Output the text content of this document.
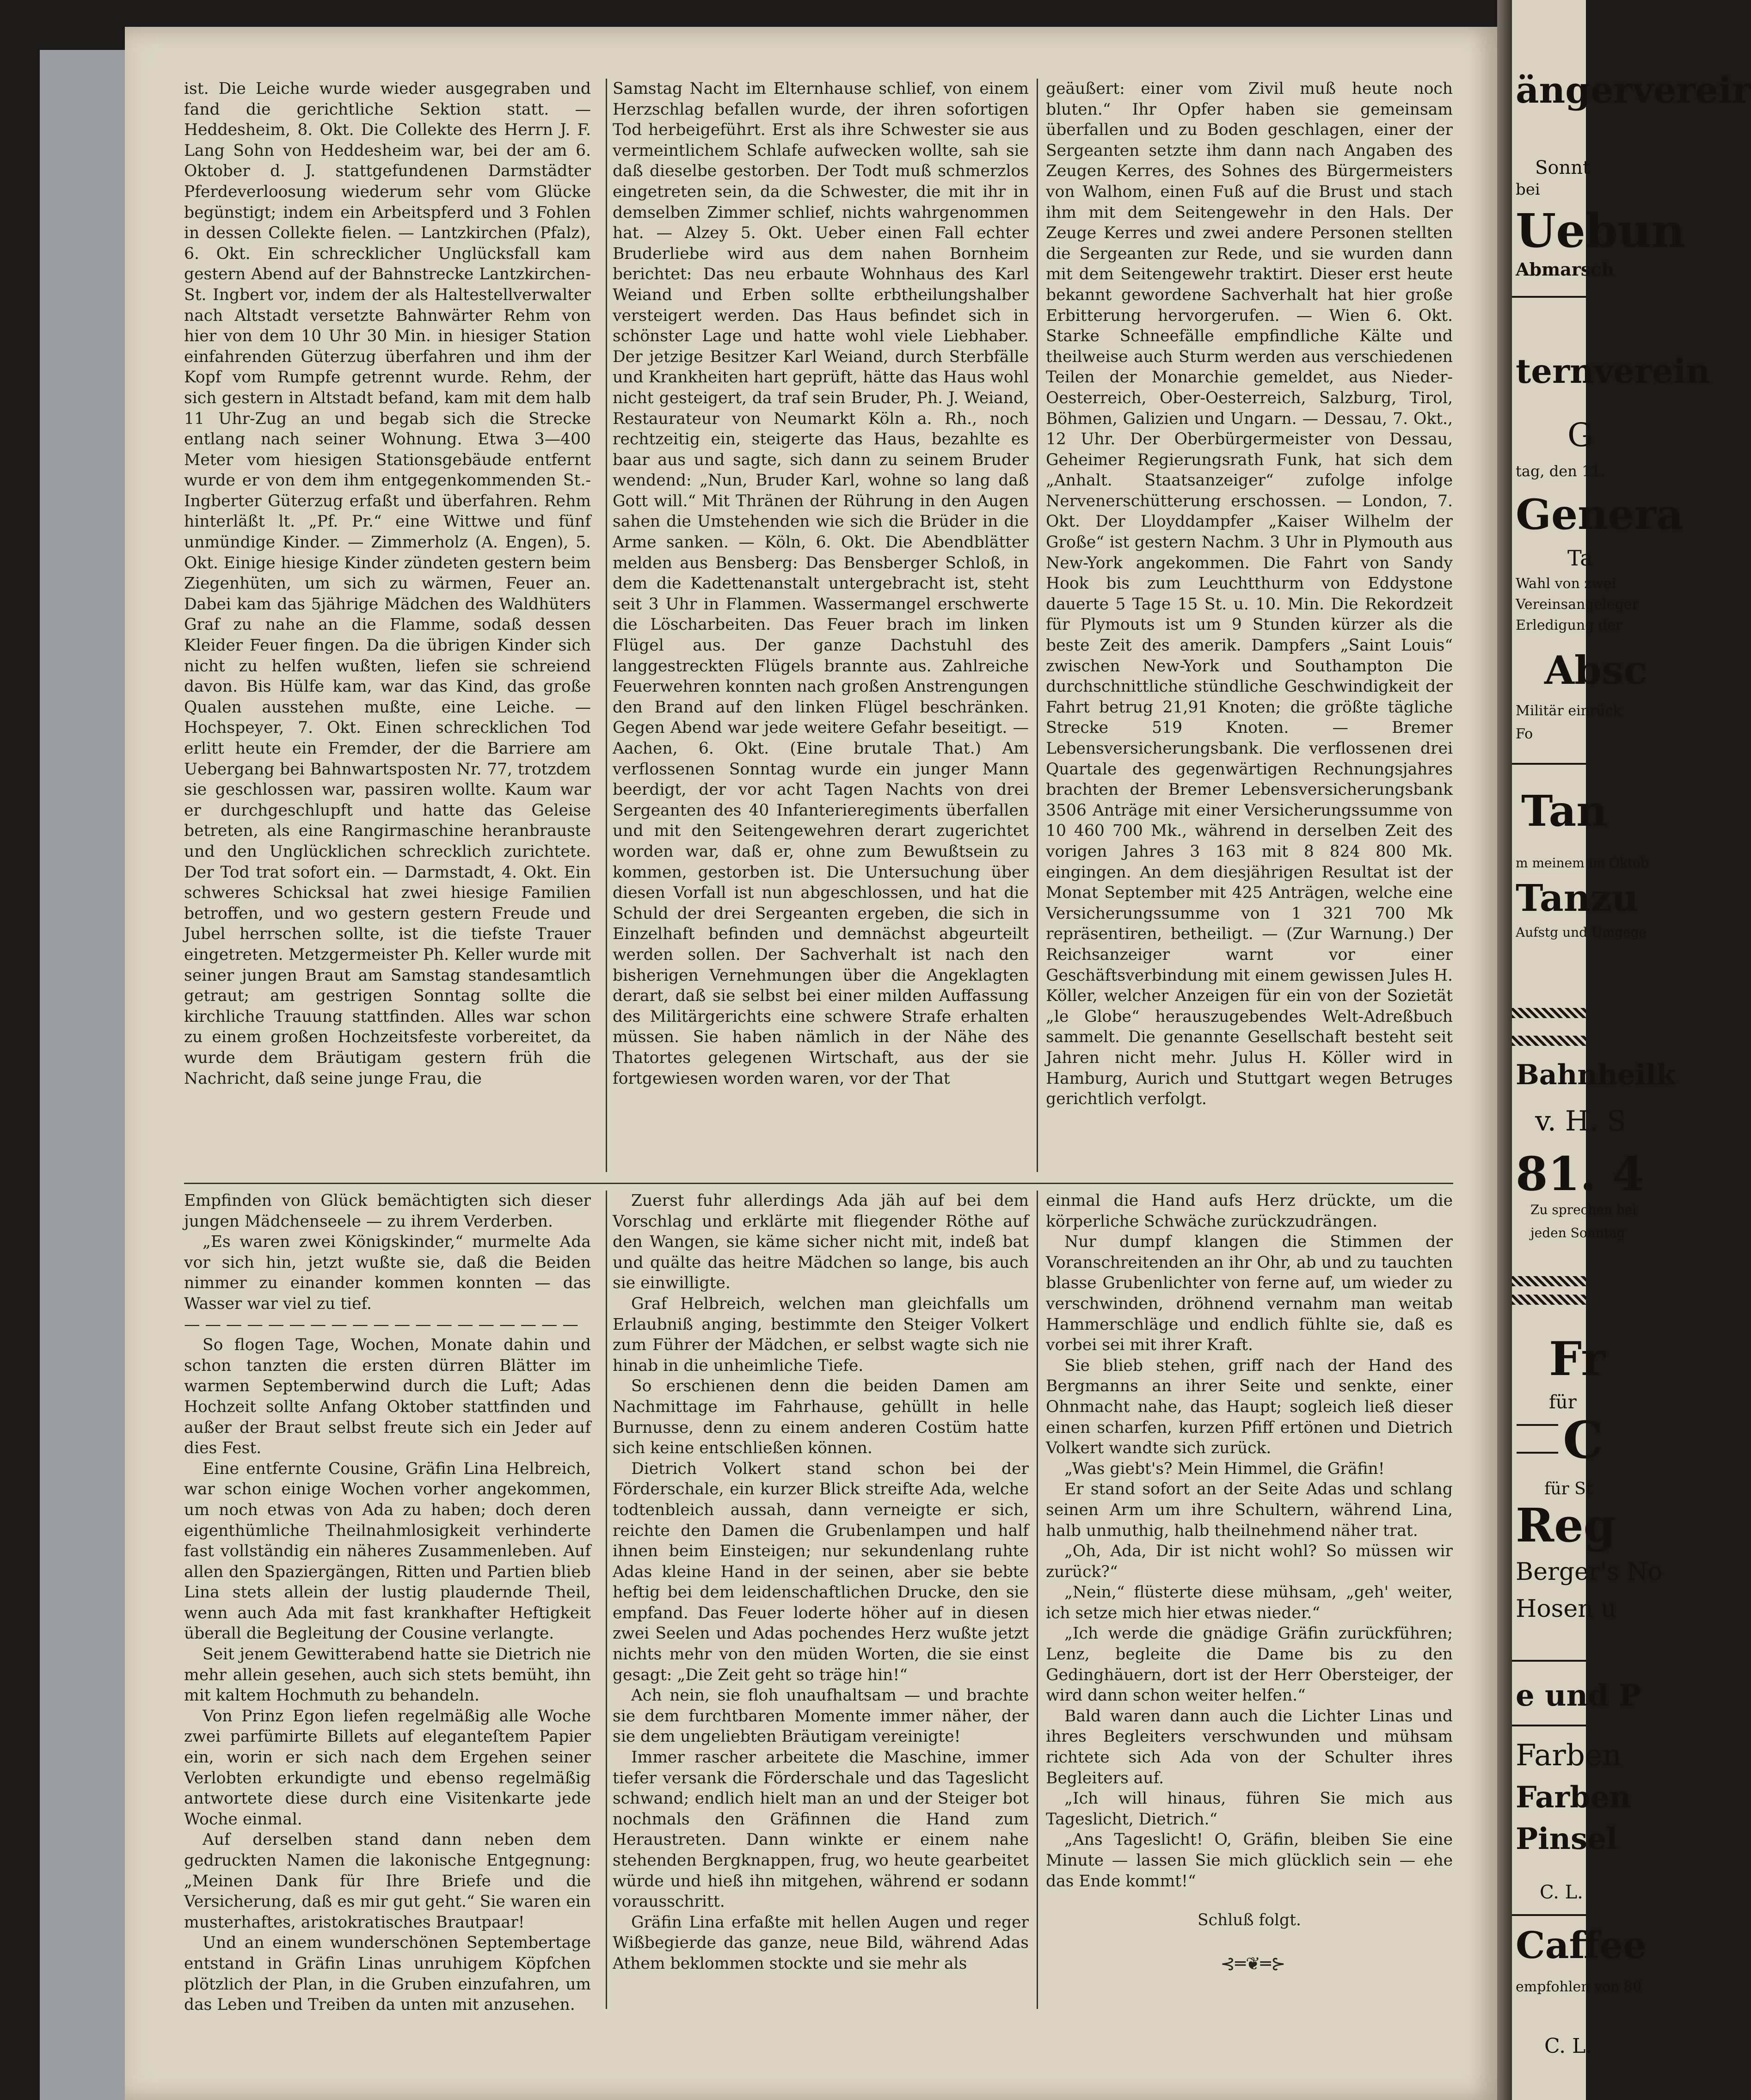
ist. Die Leiche wurde wieder ausgegraben und fand die gerichtliche Sektion statt. — Heddesheim, 8. Okt. Die Collekte des Herrn J. F. Lang Sohn von Heddesheim war, bei der am 6. Oktober d. J. stattgefundenen Darmstädter Pferdeverloosung wiederum sehr vom Glücke begünstigt; indem ein Arbeitspferd und 3 Fohlen in dessen Collekte fielen. — Lantzkirchen (Pfalz), 6. Okt. Ein schrecklicher Unglücksfall kam gestern Abend auf der Bahnstrecke Lantzkirchen-St. Ingbert vor, indem der als Haltestellverwalter nach Altstadt versetzte Bahnwärter Rehm von hier von dem 10 Uhr 30 Min. in hiesiger Station einfahrenden Güterzug überfahren und ihm der Kopf vom Rumpfe getrennt wurde. Rehm, der sich gestern in Altstadt befand, kam mit dem halb 11 Uhr-Zug an und begab sich die Strecke entlang nach seiner Wohnung. Etwa 3—400 Meter vom hiesigen Stationsgebäude entfernt wurde er von dem ihm entgegenkommenden St.-Ingberter Güterzug erfaßt und überfahren. Rehm hinterläßt lt. „Pf. Pr.“ eine Wittwe und fünf unmündige Kinder. — Zimmerholz (A. Engen), 5. Okt. Einige hiesige Kinder zündeten gestern beim Ziegenhüten, um sich zu wärmen, Feuer an. Dabei kam das 5jährige Mädchen des Waldhüters Graf zu nahe an die Flamme, sodaß dessen Kleider Feuer fingen. Da die übrigen Kinder sich nicht zu helfen wußten, liefen sie schreiend davon. Bis Hülfe kam, war das Kind, das große Qualen ausstehen mußte, eine Leiche. — Hochspeyer, 7. Okt. Einen schrecklichen Tod erlitt heute ein Fremder, der die Barriere am Uebergang bei Bahnwartsposten Nr. 77, trotzdem sie geschlossen war, passiren wollte. Kaum war er durchgeschlupft und hatte das Geleise betreten, als eine Rangirmaschine heranbrauste und den Unglücklichen schrecklich zurichtete. Der Tod trat sofort ein. — Darmstadt, 4. Okt. Ein schweres Schicksal hat zwei hiesige Familien betroffen, und wo gestern gestern Freude und Jubel herrschen sollte, ist die tiefste Trauer eingetreten. Metzgermeister Ph. Keller wurde mit seiner jungen Braut am Samstag standesamtlich getraut; am gestrigen Sonntag sollte die kirchliche Trauung stattfinden. Alles war schon zu einem großen Hochzeitsfeste vorbereitet, da wurde dem Bräutigam gestern früh die Nachricht, daß seine junge Frau, die

Samstag Nacht im Elternhause schlief, von einem Herzschlag befallen wurde, der ihren sofortigen Tod herbeigeführt. Erst als ihre Schwester sie aus vermeintlichem Schlafe aufwecken wollte, sah sie daß dieselbe gestorben. Der Todt muß schmerzlos eingetreten sein, da die Schwester, die mit ihr in demselben Zimmer schlief, nichts wahrgenommen hat. — Alzey 5. Okt. Ueber einen Fall echter Bruderliebe wird aus dem nahen Bornheim berichtet: Das neu erbaute Wohnhaus des Karl Weiand und Erben sollte erbtheilungshalber versteigert werden. Das Haus befindet sich in schönster Lage und hatte wohl viele Liebhaber. Der jetzige Besitzer Karl Weiand, durch Sterbfälle und Krankheiten hart geprüft, hätte das Haus wohl nicht gesteigert, da traf sein Bruder, Ph. J. Weiand, Restaurateur von Neumarkt Köln a. Rh., noch rechtzeitig ein, steigerte das Haus, bezahlte es baar aus und sagte, sich dann zu seinem Bruder wendend: „Nun, Bruder Karl, wohne so lang daß Gott will.“ Mit Thränen der Rührung in den Augen sahen die Umstehenden wie sich die Brüder in die Arme sanken. — Köln, 6. Okt. Die Abendblätter melden aus Bensberg: Das Bensberger Schloß, in dem die Kadettenanstalt untergebracht ist, steht seit 3 Uhr in Flammen. Wassermangel erschwerte die Löscharbeiten. Das Feuer brach im linken Flügel aus. Der ganze Dachstuhl des langgestreckten Flügels brannte aus. Zahlreiche Feuerwehren konnten nach großen Anstrengungen den Brand auf den linken Flügel beschränken. Gegen Abend war jede weitere Gefahr beseitigt. — Aachen, 6. Okt. (Eine brutale That.) Am verflossenen Sonntag wurde ein junger Mann beerdigt, der vor acht Tagen Nachts von drei Sergeanten des 40 Infanterieregiments überfallen und mit den Seitengewehren derart zugerichtet worden war, daß er, ohne zum Bewußtsein zu kommen, gestorben ist. Die Untersuchung über diesen Vorfall ist nun abgeschlossen, und hat die Schuld der drei Sergeanten ergeben, die sich in Einzelhaft befinden und demnächst abgeurteilt werden sollen. Der Sachverhalt ist nach den bisherigen Vernehmungen über die Angeklagten derart, daß sie selbst bei einer milden Auffassung des Militärgerichts eine schwere Strafe erhalten müssen. Sie haben nämlich in der Nähe des Thatortes gelegenen Wirtschaft, aus der sie fortgewiesen worden waren, vor der That

geäußert: einer vom Zivil muß heute noch bluten.“ Ihr Opfer haben sie gemeinsam überfallen und zu Boden geschlagen, einer der Sergeanten setzte ihm dann nach Angaben des Zeugen Kerres, des Sohnes des Bürgermeisters von Walhom, einen Fuß auf die Brust und stach ihm mit dem Seitengewehr in den Hals. Der Zeuge Kerres und zwei andere Personen stellten die Sergeanten zur Rede, und sie wurden dann mit dem Seitengewehr traktirt. Dieser erst heute bekannt gewordene Sachverhalt hat hier große Erbitterung hervorgerufen. — Wien 6. Okt. Starke Schneefälle empfindliche Kälte und theilweise auch Sturm werden aus verschiedenen Teilen der Monarchie gemeldet, aus Nieder-Oesterreich, Ober-Oesterreich, Salzburg, Tirol, Böhmen, Galizien und Ungarn. — Dessau, 7. Okt., 12 Uhr. Der Oberbürgermeister von Dessau, Geheimer Regierungsrath Funk, hat sich dem „Anhalt. Staatsanzeiger“ zufolge infolge Nervenerschütterung erschossen. — London, 7. Okt. Der Lloyddampfer „Kaiser Wilhelm der Große“ ist gestern Nachm. 3 Uhr in Plymouth aus New-York angekommen. Die Fahrt von Sandy Hook bis zum Leuchtthurm von Eddystone dauerte 5 Tage 15 St. u. 10. Min. Die Rekordzeit für Plymouts ist um 9 Stunden kürzer als die beste Zeit des amerik. Dampfers „Saint Louis“ zwischen New-York und Southampton Die durchschnittliche stündliche Geschwindigkeit der Fahrt betrug 21,91 Knoten; die größte tägliche Strecke 519 Knoten. — Bremer Lebensversicherungsbank. Die verflossenen drei Quartale des gegenwärtigen Rechnungsjahres brachten der Bremer Lebensversicherungsbank 3506 Anträge mit einer Versicherungssumme von 10 460 700 Mk., während in derselben Zeit des vorigen Jahres 3 163 mit 8 824 800 Mk. eingingen. An dem diesjährigen Resultat ist der Monat September mit 425 Anträgen, welche eine Versicherungssumme von 1 321 700 Mk repräsentiren, betheiligt. — (Zur Warnung.) Der Reichsanzeiger warnt vor einer Geschäftsverbindung mit einem gewissen Jules H. Köller, welcher Anzeigen für ein von der Sozietät „le Globe“ herauszugebendes Welt-Adreßbuch sammelt. Die genannte Gesellschaft besteht seit Jahren nicht mehr. Julus H. Köller wird in Hamburg, Aurich und Stuttgart wegen Betruges gerichtlich verfolgt.

Empfinden von Glück bemächtigten sich dieser jungen Mädchenseele — zu ihrem Verderben.

„Es waren zwei Königskinder,“ murmelte Ada vor sich hin, jetzt wußte sie, daß die Beiden nimmer zu einander kommen konnten — das Wasser war viel zu tief.

— — — — — — — — — — — — — — — — — — —

So flogen Tage, Wochen, Monate dahin und schon tanzten die ersten dürren Blätter im warmen Septemberwind durch die Luft; Adas Hochzeit sollte Anfang Oktober stattfinden und außer der Braut selbst freute sich ein Jeder auf dies Fest.

Eine entfernte Cousine, Gräfin Lina Helbreich, war schon einige Wochen vorher angekommen, um noch etwas von Ada zu haben; doch deren eigenthümliche Theilnahmlosigkeit verhinderte fast vollständig ein näheres Zusammenleben. Auf allen den Spaziergängen, Ritten und Partien blieb Lina stets allein der lustig plaudernde Theil, wenn auch Ada mit fast krankhafter Heftigkeit überall die Begleitung der Cousine verlangte.

Seit jenem Gewitterabend hatte sie Dietrich nie mehr allein gesehen, auch sich stets bemüht, ihn mit kaltem Hochmuth zu behandeln.

Von Prinz Egon liefen regelmäßig alle Woche zwei parfümirte Billets auf eleganteſtem Papier ein, worin er sich nach dem Ergehen seiner Verlobten erkundigte und ebenso regelmäßig antwortete diese durch eine Visitenkarte jede Woche einmal.

Auf derselben stand dann neben dem gedruckten Namen die lakonische Entgegnung: „Meinen Dank für Ihre Briefe und die Versicherung, daß es mir gut geht.“ Sie waren ein musterhaftes, aristokratisches Brautpaar!

Und an einem wunderschönen Septembertage entstand in Gräfin Linas unruhigem Köpfchen plötzlich der Plan, in die Gruben einzufahren, um das Leben und Treiben da unten mit anzusehen.

Zuerst fuhr allerdings Ada jäh auf bei dem Vorschlag und erklärte mit fliegender Röthe auf den Wangen, sie käme sicher nicht mit, indeß bat und quälte das heitre Mädchen so lange, bis auch sie einwilligte.

Graf Helbreich, welchen man gleichfalls um Erlaubniß anging, bestimmte den Steiger Volkert zum Führer der Mädchen, er selbst wagte sich nie hinab in die unheimliche Tiefe.

So erschienen denn die beiden Damen am Nachmittage im Fahrhause, gehüllt in helle Burnusse, denn zu einem anderen Costüm hatte sich keine entschließen können.

Dietrich Volkert stand schon bei der Förderschale, ein kurzer Blick streifte Ada, welche todtenbleich aussah, dann verneigte er sich, reichte den Damen die Grubenlampen und half ihnen beim Einsteigen; nur sekundenlang ruhte Adas kleine Hand in der seinen, aber sie bebte heftig bei dem leidenschaftlichen Drucke, den sie empfand. Das Feuer loderte höher auf in diesen zwei Seelen und Adas pochendes Herz wußte jetzt nichts mehr von den müden Worten, die sie einst gesagt: „Die Zeit geht so träge hin!“

Ach nein, sie floh unaufhaltsam — und brachte sie dem furchtbaren Momente immer näher, der sie dem ungeliebten Bräutigam vereinigte!

Immer rascher arbeitete die Maschine, immer tiefer versank die Förderschale und das Tageslicht schwand; endlich hielt man an und der Steiger bot nochmals den Gräfinnen die Hand zum Heraustreten. Dann winkte er einem nahe stehenden Bergknappen, frug, wo heute gearbeitet würde und hieß ihn mitgehen, während er sodann vorausschritt.

Gräfin Lina erfaßte mit hellen Augen und reger Wißbegierde das ganze, neue Bild, während Adas Athem beklommen stockte und sie mehr als

einmal die Hand aufs Herz drückte, um die körperliche Schwäche zurückzudrängen.

Nur dumpf klangen die Stimmen der Voranschreitenden an ihr Ohr, ab und zu tauchten blasse Grubenlichter von ferne auf, um wieder zu verschwinden, dröhnend vernahm man weitab Hammerschläge und endlich fühlte sie, daß es vorbei sei mit ihrer Kraft.

Sie blieb stehen, griff nach der Hand des Bergmanns an ihrer Seite und senkte, einer Ohnmacht nahe, das Haupt; sogleich ließ dieser einen scharfen, kurzen Pfiff ertönen und Dietrich Volkert wandte sich zurück.

„Was giebt's? Mein Himmel, die Gräfin!

Er stand sofort an der Seite Adas und schlang seinen Arm um ihre Schultern, während Lina, halb unmuthig, halb theilnehmend näher trat.

„Oh, Ada, Dir ist nicht wohl? So müssen wir zurück?“

„Nein,“ flüsterte diese mühsam, „geh' weiter, ich setze mich hier etwas nieder.“

„Ich werde die gnädige Gräfin zurückführen; Lenz, begleite die Dame bis zu den Gedinghäuern, dort ist der Herr Obersteiger, der wird dann schon weiter helfen.“

Bald waren dann auch die Lichter Linas und ihres Begleiters verschwunden und mühsam richtete sich Ada von der Schulter ihres Begleiters auf.

„Ich will hinaus, führen Sie mich aus Tageslicht, Dietrich.“

„Ans Tageslicht! O, Gräfin, bleiben Sie eine Minute — lassen Sie mich glücklich sein — ehe das Ende kommt!“

Schluß folgt.

⊰═❦═⊱
ängervereir
Sonnt
bei
Uebun
Abmarsch
ternverein
G
tag, den 11.
Genera
Ta
Wahl von zwei
Vereinsangeleger
Erledigung der
Absc
Militär einrück
Fo
Tan
m meinem im Oktob
Tanzu
Aufstg und Umgege
Bahnheilk
v. H. S
81. 4
Zu sprechen bei
jeden Sonntag
Fr
für
C
für St
Reg
Berger's No
Hosen u
e und P
Farben
Farben
Pinsel
C. L.
Caffee
empfohlen von 80
C. L.
